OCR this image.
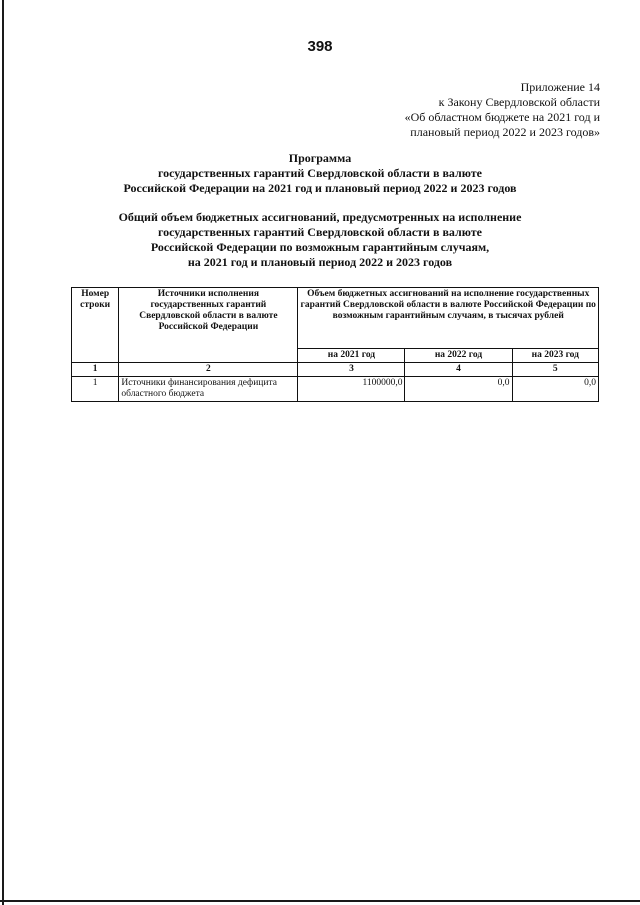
398
Приложение 14
к Закону Свердловской области
«Об областном бюджете на 2021 год и
плановый период 2022 и 2023 годов»
Программа
государственных гарантий Свердловской области в валюте
Российской Федерации на 2021 год и плановый период 2022 и 2023 годов
Общий объем бюджетных ассигнований, предусмотренных на исполнение
государственных гарантий Свердловской области в валюте
Российской Федерации по возможным гарантийным случаям,
на 2021 год и плановый период 2022 и 2023 годов
Номер
строки	Источники исполнения государственных гарантий Свердловской области в валюте Российской Федерации	Объем бюджетных ассигнований на исполнение государственных гарантий Свердловской области в валюте Российской Федерации по возможным гарантийным случаям, в тысячах рублей		
		на 2021 год	на 2022 год	на 2023 год
1	2	3	4	5
1	Источники финансирования дефицита областного бюджета	1100000,0	0,0	0,0
